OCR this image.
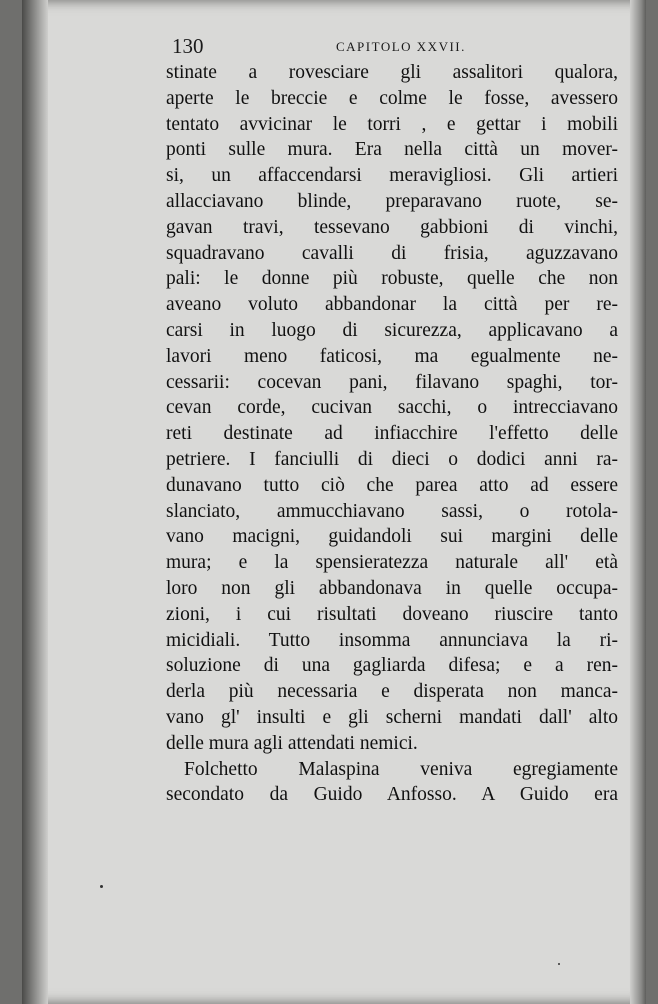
130	CAPITOLO XXVII.
stinate a rovesciare gli assalitori qualora,
aperte le breccie e colme le fosse, avessero
tentato avvicinar le torri , e gettar i mobili
ponti sulle mura. Era nella città un mover-
si, un affaccendarsi meravigliosi. Gli artieri
allacciavano blinde, preparavano ruote, se-
gavan travi, tessevano gabbioni di vinchi,
squadravano cavalli di frisia, aguzzavano
pali: le donne più robuste, quelle che non
aveano voluto abbandonar la città per re-
carsi in luogo di sicurezza, applicavano a
lavori meno faticosi, ma egualmente ne-
cessarii: cocevan pani, filavano spaghi, tor-
cevan corde, cucivan sacchi, o intrecciavano
reti destinate ad infiacchire l'effetto delle
petriere. I fanciulli di dieci o dodici anni ra-
dunavano tutto ciò che parea atto ad essere
slanciato, ammucchiavano sassi, o rotola-
vano macigni, guidandoli sui margini delle
mura; e la spensieratezza naturale all' età
loro non gli abbandonava in quelle occupa-
zioni, i cui risultati doveano riuscire tanto
micidiali. Tutto insomma annunciava la ri-
soluzione di una gagliarda difesa; e a ren-
derla più necessaria e disperata non manca-
vano gl' insulti e gli scherni mandati dall' alto
delle mura agli attendati nemici.
Folchetto Malaspina veniva egregiamente
secondato da Guido Anfosso. A Guido era
